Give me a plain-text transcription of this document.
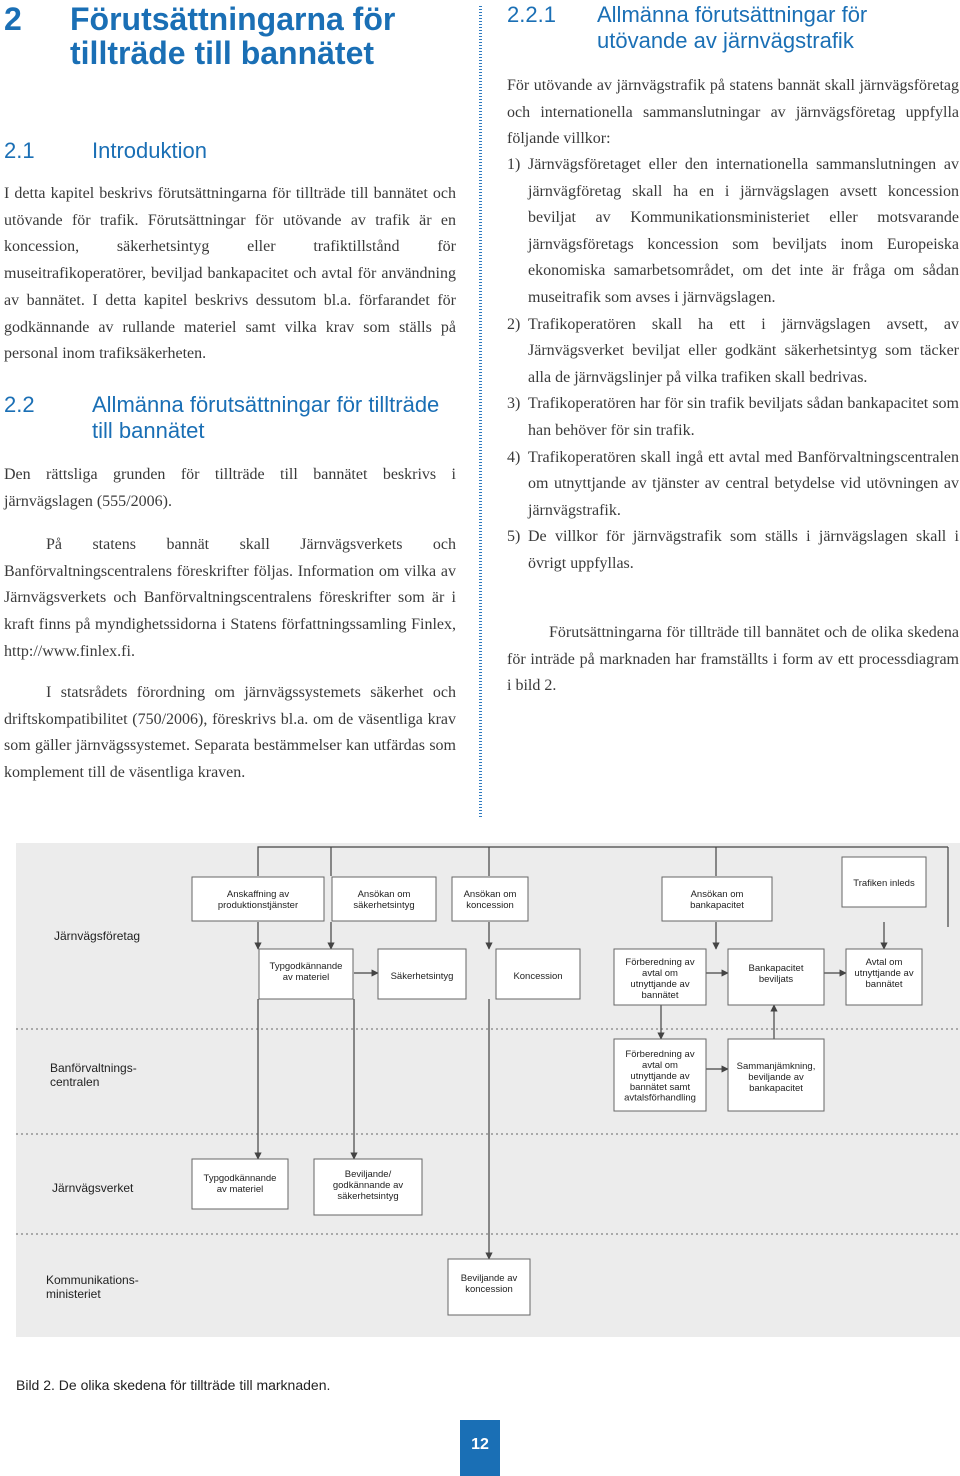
2 Förutsättningarna för tillträde till bannätet
2.1	Introduktion

I detta kapitel beskrivs förutsättningarna för tillträde till bannätet och utövande för trafik. Förutsättningar för utövande av trafik är en koncession, säkerhetsintyg eller trafiktillstånd för museitrafikoperatörer, beviljad bankapacitet och avtal för användning av bannätet. I detta kapitel beskrivs dessutom bl.a. förfarandet för godkännande av rullande materiel samt vilka krav som ställs på personal inom trafiksäkerheten.

2.2	Allmänna förutsättningar för tillträde till bannätet

Den rättsliga grunden för tillträde till bannätet beskrivs i järnvägslagen (555/2006).

På statens bannät skall Järnvägsverkets och Banförvaltningscentralens föreskrifter följas. Information om vilka av Järnvägsverkets och Banförvaltningscentralens föreskrifter som är i kraft finns på myndighetssidorna i Statens författningssamling Finlex, http://www.finlex.fi.

I statsrådets förordning om järnvägssystemets säkerhet och driftskompatibilitet (750/2006), föreskrivs bl.a. om de väsentliga krav som gäller järnvägssystemet. Separata bestämmelser kan utfärdas som komplement till de väsentliga kraven.

2.2.1 Allmänna förutsättningar för utövande av järnvägstrafik

För utövande av järnvägstrafik på statens bannät skall järnvägsföretag och internationella sammanslutningar av järnvägsföretag uppfylla följande villkor:

1) Järnvägsföretaget eller den internationella sammanslutningen av järnvägföretag skall ha en i järnvägslagen avsett koncession beviljat av Kommunikationsministeriet eller motsvarande järnvägsföretags koncession som beviljats inom Europeiska ekonomiska samarbetsområdet, om det inte är fråga om sådan museitrafik som avses i järnvägslagen.
2) Trafikoperatören skall ha ett i järnvägslagen avsett, av Järnvägsverket beviljat eller godkänt säkerhetsintyg som täcker alla de järnvägslinjer på vilka trafiken skall bedrivas.
3) Trafikoperatören har för sin trafik beviljats sådan bankapacitet som han behöver för sin trafik.
4) Trafikoperatören skall ingå ett avtal med Banförvaltningscentralen om utnyttjande av tjänster av central betydelse vid utövningen av järnvägstrafik.
5) De villkor för järnvägstrafik som ställs i järnvägslagen skall i övrigt uppfyllas.

Förutsättningarna för tillträde till bannätet och de olika skedena för inträde på marknaden har framställts i form av ett processdiagram i bild 2.

Järnvägsföretag
Banförvaltnings-centralen
Järnvägsverket
Kommunikations-ministeriet
Anskaffning av produktionstjänster
Ansökan om säkerhetsintyg
Ansökan om koncession
Ansökan om bankapacitet
Trafiken inleds
Typgodkännande av materiel	Säkerhetsintyg	Koncession
Förberedning av avtal om utnyttjande av bannätet
Bankapacitet beviljats
Avtal om utnyttjande av bannätet
Förberedning av avtal om utnyttjande av bannätet samt avtalsförhandling
Sammanjämkning, beviljande av bankapacitet
Typgodkännande av materiel
Beviljande/ godkännande av säkerhetsintyg
Beviljande av koncession
Bild 2. De olika skedena för tillträde till marknaden.
12
